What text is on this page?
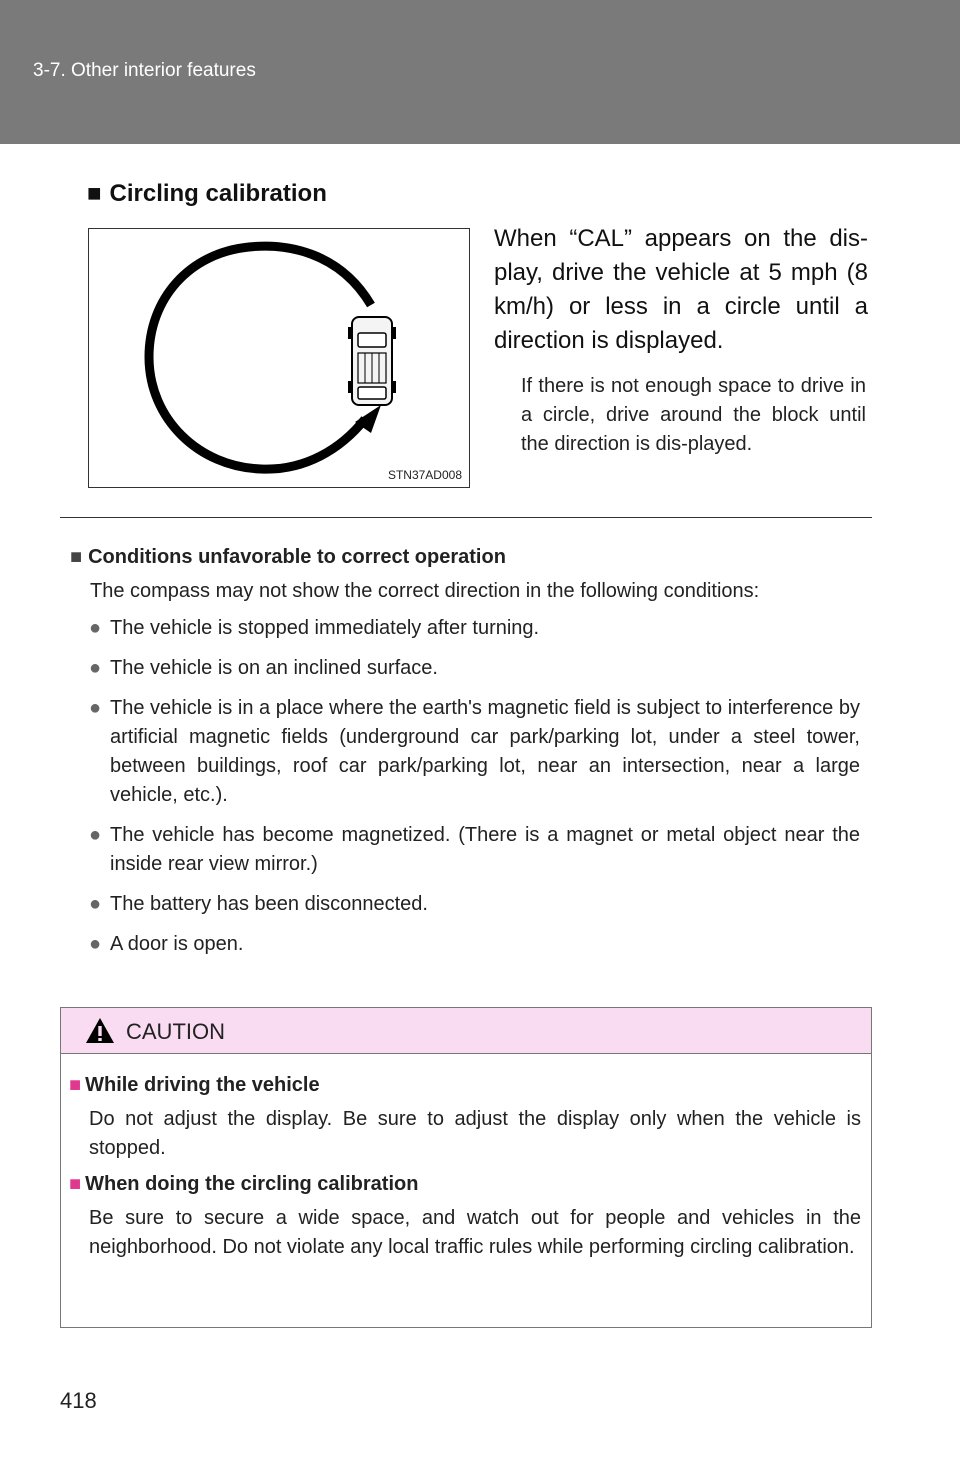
3-7. Other interior features
■ Circling calibration
STN37AD008
When “CAL” appears on the dis-play, drive the vehicle at 5 mph (8 km/h) or less in a circle until a direction is displayed.
If there is not enough space to drive in a circle, drive around the block until the direction is dis-played.
■ Conditions unfavorable to correct operation
The compass may not show the correct direction in the following conditions:
● The vehicle is stopped immediately after turning.
● The vehicle is on an inclined surface.
● The vehicle is in a place where the earth's magnetic field is subject to interference by artificial magnetic fields (underground car park/parking lot, under a steel tower, between buildings, roof car park/parking lot, near an intersection, near a large vehicle, etc.).
● The vehicle has become magnetized. (There is a magnet or metal object near the inside rear view mirror.)
● The battery has been disconnected.
● A door is open.
CAUTION
■ While driving the vehicle
Do not adjust the display. Be sure to adjust the display only when the vehicle is stopped.
■ When doing the circling calibration
Be sure to secure a wide space, and watch out for people and vehicles in the neighborhood. Do not violate any local traffic rules while performing circling calibration.
418
